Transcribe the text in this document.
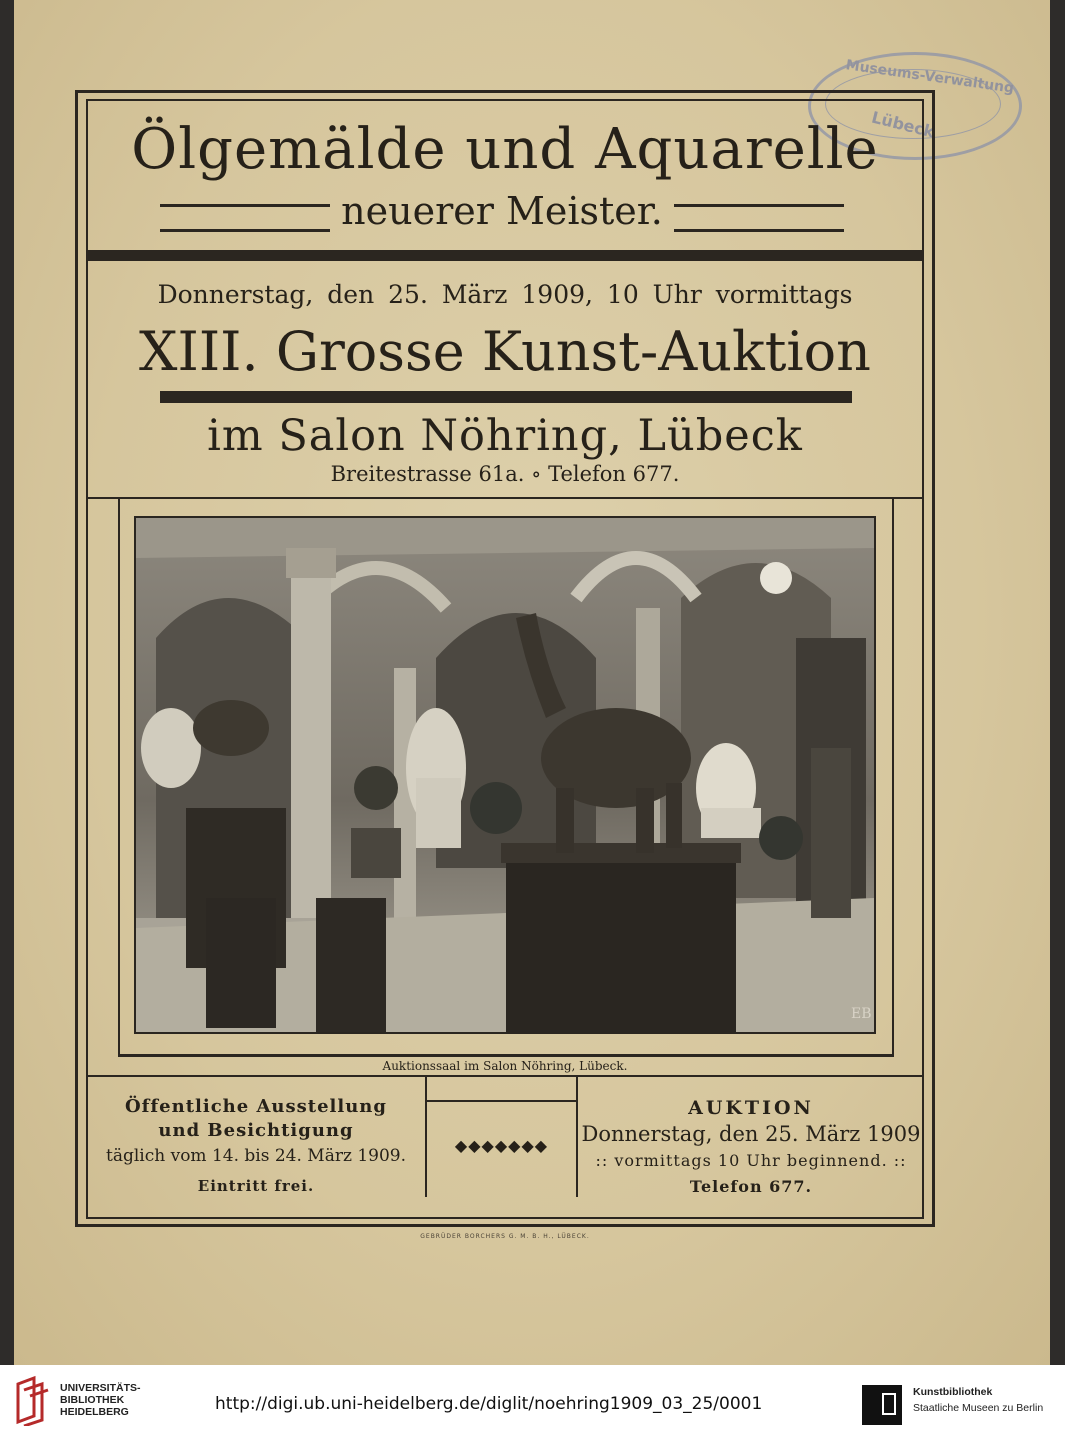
Museums-Verwaltung
Lübeck
Ölgemälde und Aquarelle
neuerer Meister.
Donnerstag, den 25. März 1909, 10 Uhr vormittags
XIII. Grosse Kunst-Auktion
im Salon Nöhring, Lübeck
Breitestrasse 61a. ∘ Telefon 677.
EB
Auktionssaal im Salon Nöhring, Lübeck.
Öffentliche Ausstellung
und Besichtigung
täglich vom 14. bis 24. März 1909.
Eintritt frei.
◆◆◆◆◆◆◆
AUKTION
Donnerstag, den 25. März 1909
:: vormittags 10 Uhr beginnend. ::
Telefon 677.
GEBRÜDER BORCHERS G. M. B. H., LÜBECK.
UNIVERSITÄTS-
BIBLIOTHEK
HEIDELBERG	http://digi.ub.uni-heidelberg.de/diglit/noehring1909_03_25/0001
Kunstbibliothek
Staatliche Museen zu Berlin
